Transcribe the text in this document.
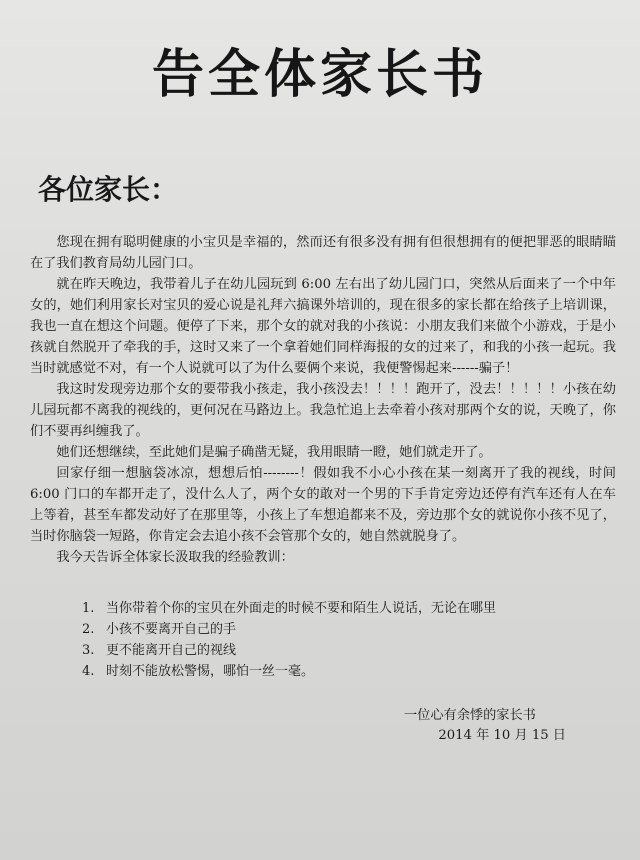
告全体家长书
各位家长：

您现在拥有聪明健康的小宝贝是幸福的，然而还有很多没有拥有但很想拥有的便把罪恶的眼睛瞄在了我们教育局幼儿园门口。

就在昨天晚边，我带着儿子在幼儿园玩到 6:00 左右出了幼儿园门口，突然从后面来了一个中年女的，她们利用家长对宝贝的爱心说是礼拜六搞课外培训的，现在很多的家长都在给孩子上培训课，我也一直在想这个问题。便停了下来，那个女的就对我的小孩说：小朋友我们来做个小游戏，于是小孩就自然脱开了牵我的手，这时又来了一个拿着她们同样海报的女的过来了，和我的小孩一起玩。我当时就感觉不对，有一个人说就可以了为什么要俩个来说，我便警惕起来------骗子！

我这时发现旁边那个女的要带我小孩走，我小孩没去！！！！跑开了，没去！！！！！小孩在幼儿园玩都不离我的视线的，更何况在马路边上。我急忙追上去牵着小孩对那两个女的说，天晚了，你们不要再纠缠我了。

她们还想继续，至此她们是骗子确凿无疑，我用眼睛一瞪，她们就走开了。

回家仔细一想脑袋冰凉，想想后怕--------！假如我不小心小孩在某一刻离开了我的视线，时间 6:00 门口的车都开走了，没什么人了，两个女的敢对一个男的下手肯定旁边还停有汽车还有人在车上等着，甚至车都发动好了在那里等，小孩上了车想追都来不及，旁边那个女的就说你小孩不见了，当时你脑袋一短路，你肯定会去追小孩不会管那个女的，她自然就脱身了。

我今天告诉全体家长汲取我的经验教训：

1. 当你带着个你的宝贝在外面走的时候不要和陌生人说话，无论在哪里
2. 小孩不要离开自己的手
3. 更不能离开自己的视线
4. 时刻不能放松警惕，哪怕一丝一毫。
一位心有余悸的家长书
2014 年 10 月 15 日
